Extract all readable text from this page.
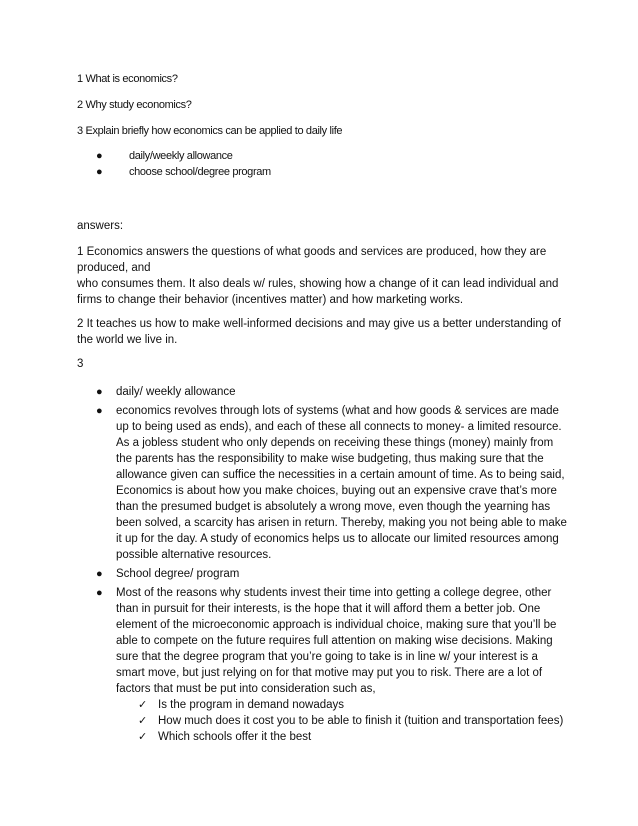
1 What is economics?
2 Why study economics?
3 Explain briefly how economics can be applied to daily life
●	daily/weekly allowance
●	choose school/degree program
answers:
1 Economics answers the questions of what goods and services are produced, how they are produced, and
who consumes them. It also deals w/ rules, showing how a change of it can lead individual and firms to change their behavior (incentives matter) and how marketing works.
2 It teaches us how to make well-informed decisions and may give us a better understanding of the world we live in.
3
●	daily/ weekly allowance
●	economics revolves through lots of systems (what and how goods & services are made up to being used as ends), and each of these all connects to money- a limited resource. As a jobless student who only depends on receiving these things (money) mainly from the parents has the responsibility to make wise budgeting, thus making sure that the allowance given can suffice the necessities in a certain amount of time. As to being said, Economics is about how you make choices, buying out an expensive crave that’s more than the presumed budget is absolutely a wrong move, even though the yearning has been solved, a scarcity has arisen in return. Thereby, making you not being able to make it up for the day. A study of economics helps us to allocate our limited resources among possible alternative resources.
●	School degree/ program
●	Most of the reasons why students invest their time into getting a college degree, other than in pursuit for their interests, is the hope that it will afford them a better job. One element of the microeconomic approach is individual choice, making sure that you’ll be able to compete on the future requires full attention on making wise decisions. Making sure that the degree program that you’re going to take is in line w/ your interest is a smart move, but just relying on for that motive may put you to risk. There are a lot of factors that must be put into consideration such as,
✓ Is the program in demand nowadays
✓ How much does it cost you to be able to finish it (tuition and transportation fees)
✓ Which schools offer it the best
